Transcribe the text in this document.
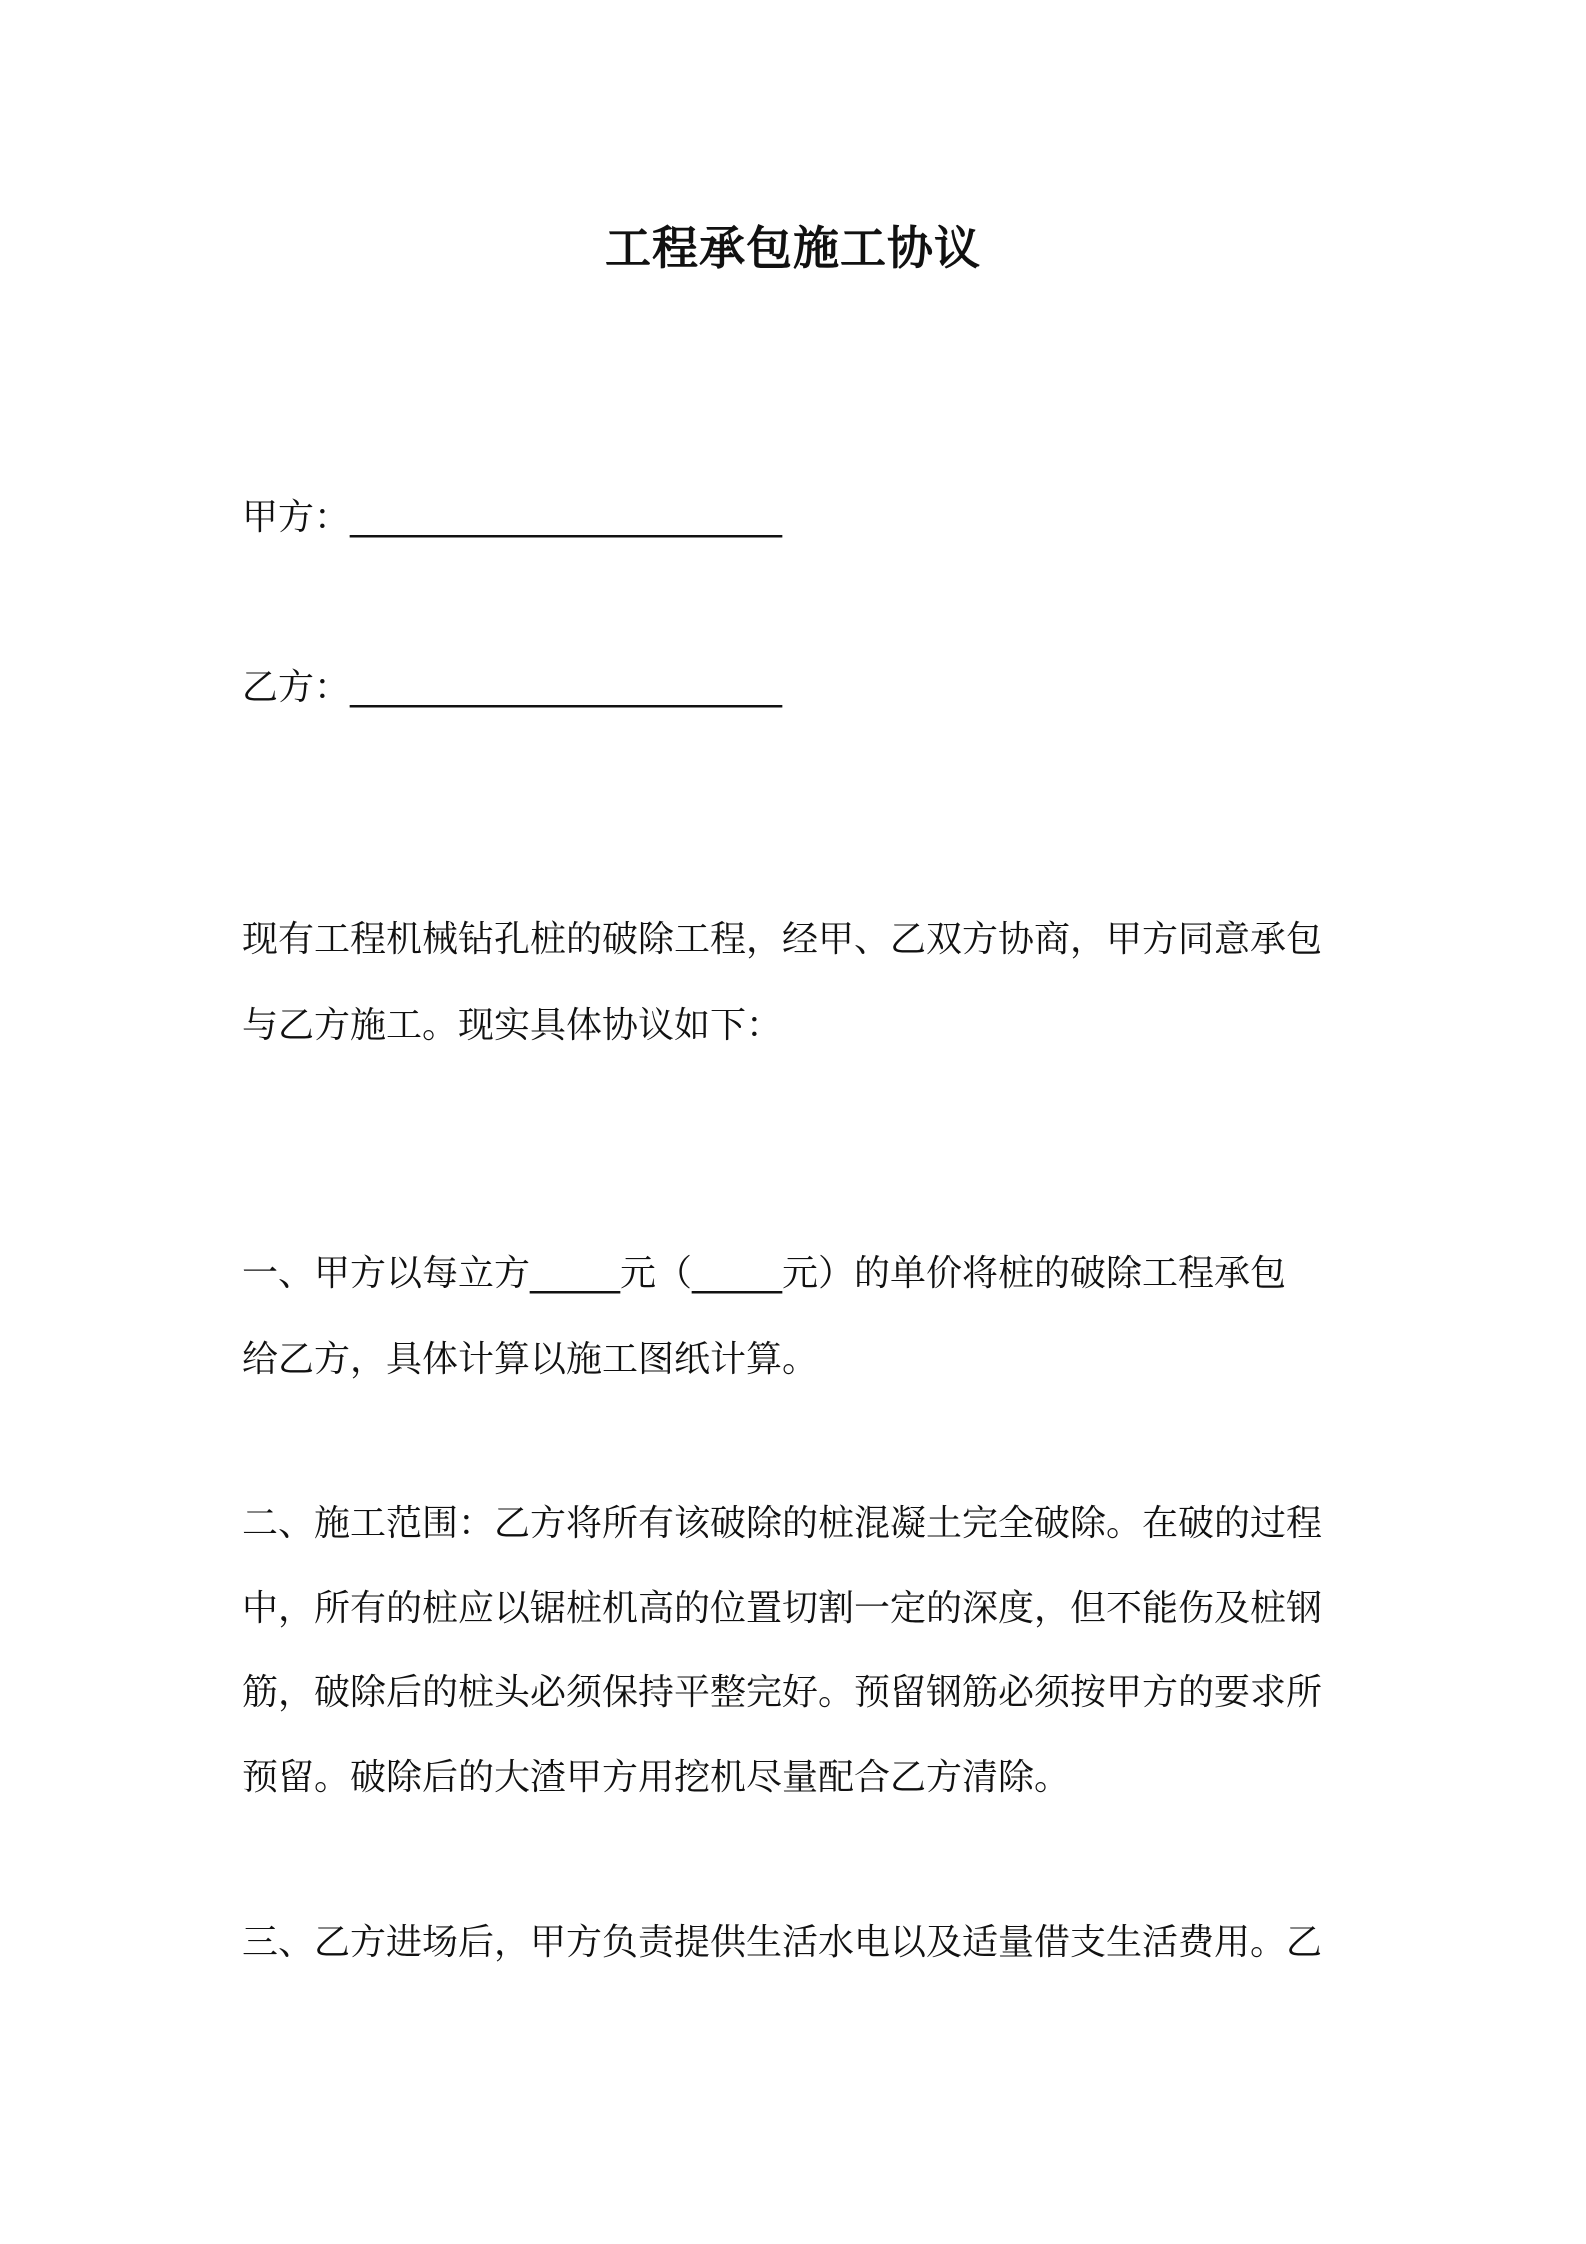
工程承包施工协议
甲方：________________________
乙方：________________________
现有工程机械钻孔桩的破除工程，经甲、乙双方协商，甲方同意承包
与乙方施工。现实具体协议如下：
一、甲方以每立方_____元（_____元）的单价将桩的破除工程承包
给乙方，具体计算以施工图纸计算。
二、施工范围：乙方将所有该破除的桩混凝土完全破除。在破的过程
中，所有的桩应以锯桩机高的位置切割一定的深度，但不能伤及桩钢
筋，破除后的桩头必须保持平整完好。预留钢筋必须按甲方的要求所
预留。破除后的大渣甲方用挖机尽量配合乙方清除。
三、乙方进场后，甲方负责提供生活水电以及适量借支生活费用。乙
